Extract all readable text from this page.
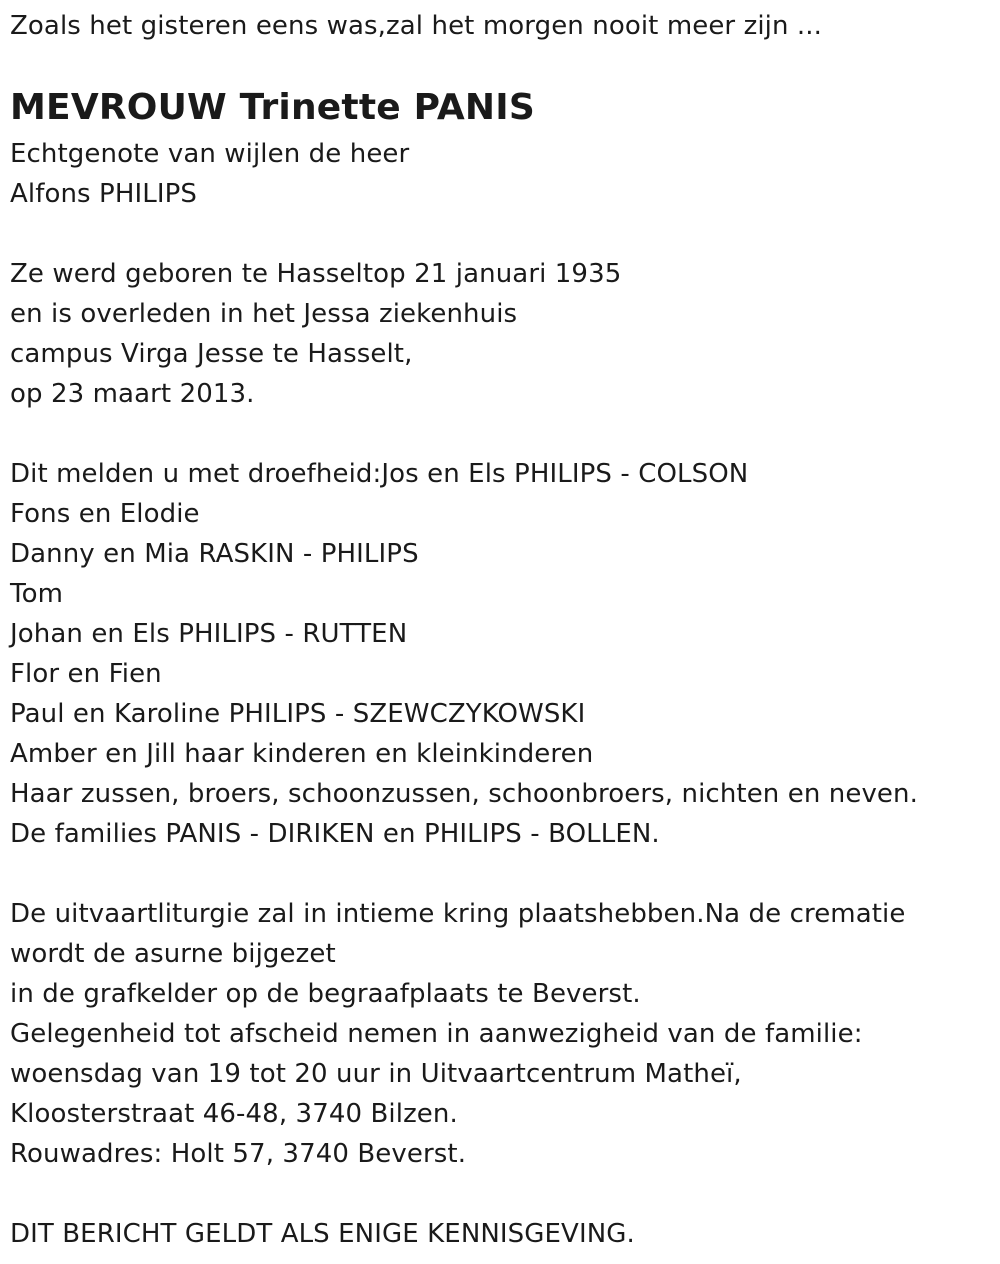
Zoals het gisteren eens was,zal het morgen nooit meer zijn ...
MEVROUW Trinette PANIS
Echtgenote van wijlen de heer
Alfons PHILIPS
Ze werd geboren te Hasseltop 21 januari 1935
en is overleden in het Jessa ziekenhuis
campus Virga Jesse te Hasselt,
op 23 maart 2013.
Dit melden u met droefheid:Jos en Els PHILIPS - COLSON
Fons en Elodie
Danny en Mia RASKIN - PHILIPS
Tom
Johan en Els PHILIPS - RUTTEN
Flor en Fien
Paul en Karoline PHILIPS - SZEWCZYKOWSKI
Amber en Jill haar kinderen en kleinkinderen
Haar zussen, broers, schoonzussen, schoonbroers, nichten en neven.
De families PANIS - DIRIKEN en PHILIPS - BOLLEN.
De uitvaartliturgie zal in intieme kring plaatshebben.Na de crematie
wordt de asurne bijgezet
in de grafkelder op de begraafplaats te Beverst.
Gelegenheid tot afscheid nemen in aanwezigheid van de familie:
woensdag van 19 tot 20 uur in Uitvaartcentrum Matheï,
Kloosterstraat 46-48, 3740 Bilzen.
Rouwadres: Holt 57, 3740 Beverst.
DIT BERICHT GELDT ALS ENIGE KENNISGEVING.
